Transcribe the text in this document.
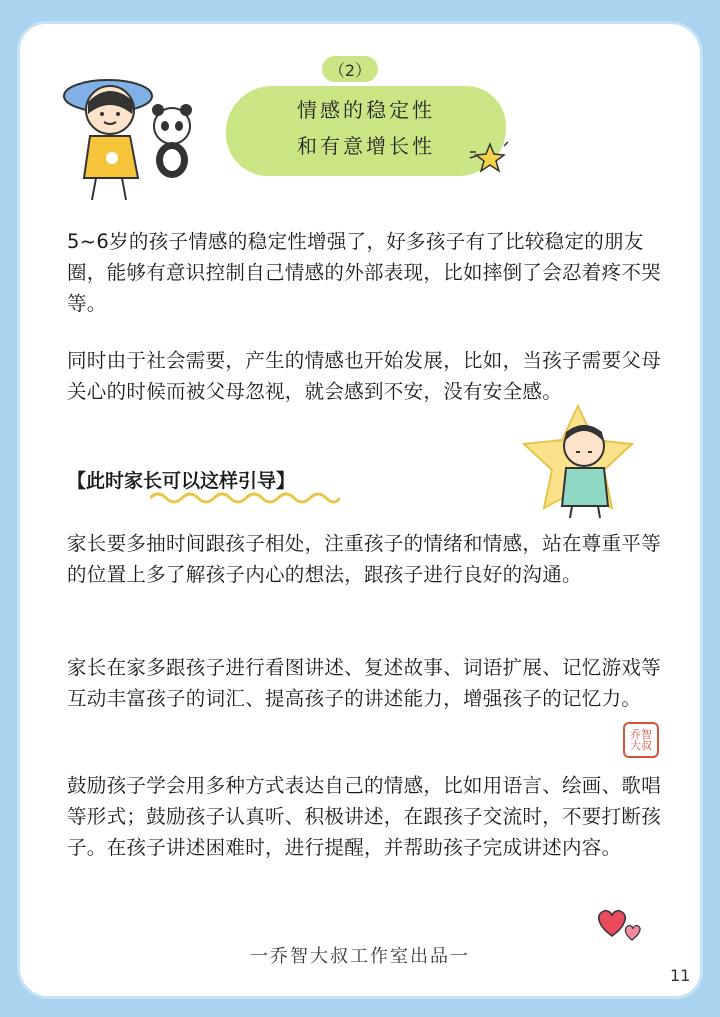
（2）
情感的稳定性
和有意增长性

5~6岁的孩子情感的稳定性增强了，好多孩子有了比较稳定的朋友圈，能够有意识控制自己情感的外部表现，比如摔倒了会忍着疼不哭等。

同时由于社会需要，产生的情感也开始发展，比如，当孩子需要父母关心的时候而被父母忽视，就会感到不安，没有安全感。

【此时家长可以这样引导】

家长要多抽时间跟孩子相处，注重孩子的情绪和情感，站在尊重平等的位置上多了解孩子内心的想法，跟孩子进行良好的沟通。

家长在家多跟孩子进行看图讲述、复述故事、词语扩展、记忆游戏等互动丰富孩子的词汇、提高孩子的讲述能力，增强孩子的记忆力。

鼓励孩子学会用多种方式表达自己的情感，比如用语言、绘画、歌唱等形式；鼓励孩子认真听、积极讲述，在跟孩子交流时，不要打断孩子。在孩子讲述困难时，进行提醒，并帮助孩子完成讲述内容。

乔智大叔
一乔智大叔工作室出品一
11
